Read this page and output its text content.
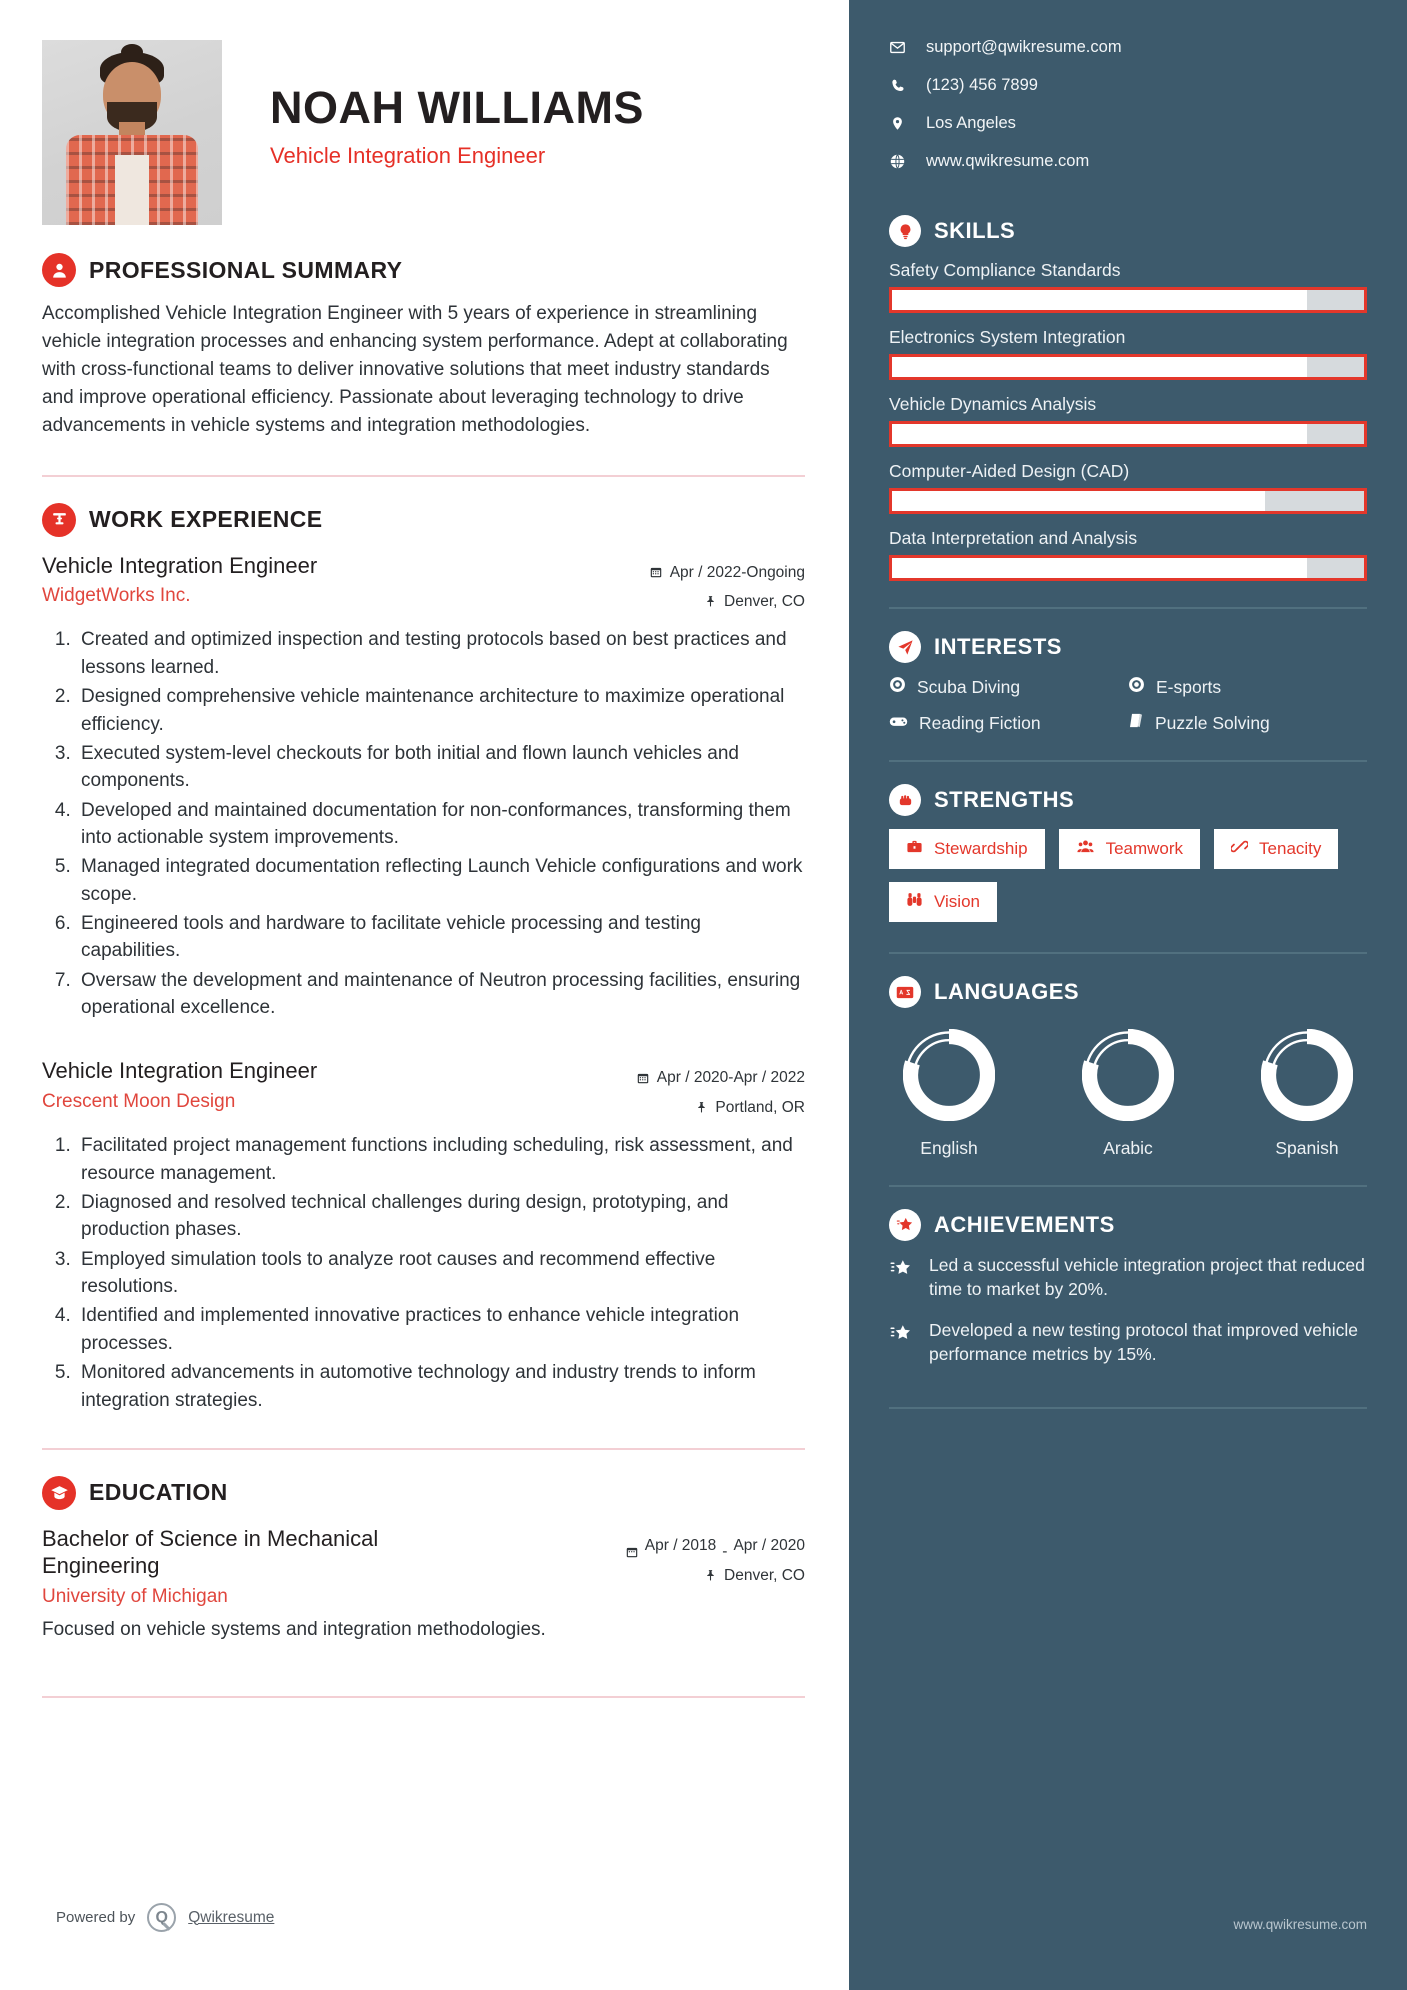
NOAH WILLIAMS
Vehicle Integration Engineer
PROFESSIONAL SUMMARY

Accomplished Vehicle Integration Engineer with 5 years of experience in streamlining vehicle integration processes and enhancing system performance. Adept at collaborating with cross-functional teams to deliver innovative solutions that meet industry standards and improve operational efficiency. Passionate about leveraging technology to drive advancements in vehicle systems and integration methodologies.

WORK EXPERIENCE
Vehicle Integration Engineer
WidgetWorks Inc.
Apr / 2022-Ongoing
Denver, CO
1. Created and optimized inspection and testing protocols based on best practices and lessons learned.
2. Designed comprehensive vehicle maintenance architecture to maximize operational efficiency.
3. Executed system-level checkouts for both initial and flown launch vehicles and components.
4. Developed and maintained documentation for non-conformances, transforming them into actionable system improvements.
5. Managed integrated documentation reflecting Launch Vehicle configurations and work scope.
6. Engineered tools and hardware to facilitate vehicle processing and testing capabilities.
7. Oversaw the development and maintenance of Neutron processing facilities, ensuring operational excellence.
Vehicle Integration Engineer
Crescent Moon Design
Apr / 2020-Apr / 2022
Portland, OR
1. Facilitated project management functions including scheduling, risk assessment, and resource management.
2. Diagnosed and resolved technical challenges during design, prototyping, and production phases.
3. Employed simulation tools to analyze root causes and recommend effective resolutions.
4. Identified and implemented innovative practices to enhance vehicle integration processes.
5. Monitored advancements in automotive technology and industry trends to inform integration strategies.
EDUCATION
Bachelor of Science in Mechanical Engineering
University of Michigan
Apr / 2018 - Apr / 2020
Denver, CO

Focused on vehicle systems and integration methodologies.

Powered by	Q	Qwikresume
support@qwikresume.com
(123) 456 7899
Los Angeles
www.qwikresume.com
SKILLS
Safety Compliance Standards
Electronics System Integration
Vehicle Dynamics Analysis
Computer-Aided Design (CAD)
Data Interpretation and Analysis
INTERESTS
Scuba Diving	E-sports
Reading Fiction	Puzzle Solving
STRENGTHS
Stewardship	Teamwork	Tenacity
Vision
LANGUAGES
English	Arabic	Spanish
ACHIEVEMENTS
Led a successful vehicle integration project that reduced time to market by 20%.
Developed a new testing protocol that improved vehicle performance metrics by 15%.
www.qwikresume.com
